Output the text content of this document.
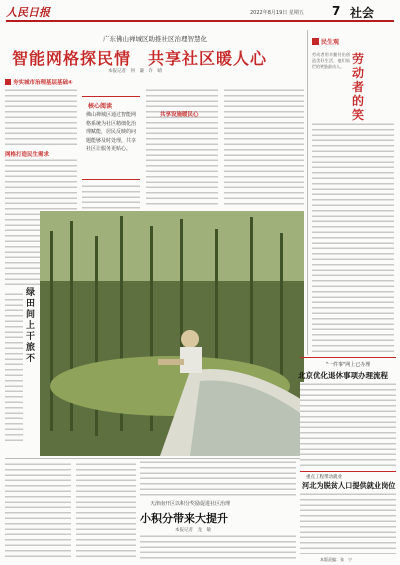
人民日报	2022年8月19日 星期五 7 社会
广东佛山禅城区助推社区治理智慧化
智能网格探民情　共享社区暖人心
本报记者　何　谦　许　晴
夯实城市治理基层基础④
网格打造民生需求
核心阅读
佛山禅城区通过智能网格系统为社区精细化治理赋能，居民反映的问题能够及时处理，共享社区让服务更贴心。
共享设施暖民心
绿田间上干旅不
天津南开区以积分奖励促进社区治理
小积分带来大提升
本报记者　龙　敏
民生观
劳动者用辛勤付出创造美好生活，他们灿烂的笑脸最动人。
劳动者的笑
"一件事"网上已办理
北京优化退休事项办理流程
重点工程带动就业
河北为脱贫人口提供就业岗位
本版责编：张　宁
